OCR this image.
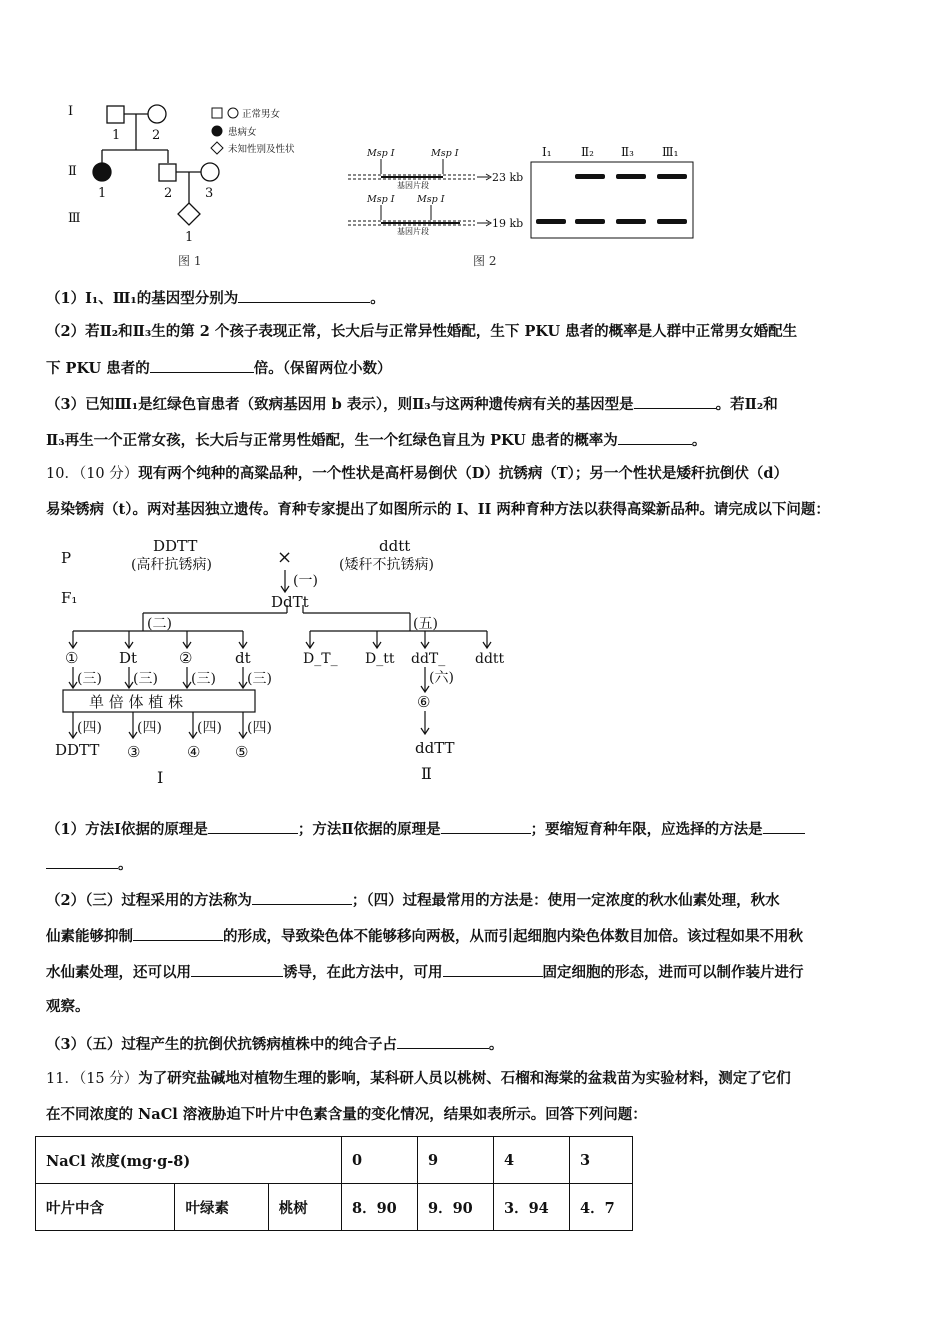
Ⅰ
Ⅱ
Ⅲ
1 2
1	2	3
1
正常男女
患病女
未知性别及性状
图 1
Msp Ⅰ	Msp Ⅰ
Msp Ⅰ Msp Ⅰ
基因片段
基因片段
23 kb
19 kb
Ⅰ₁ Ⅱ₂ Ⅱ₃ Ⅲ₁
图 2
（1）I₁、Ⅲ₁的基因型分别为	。
（2）若Ⅱ₂和Ⅱ₃生的第 2 个孩子表现正常，长大后与正常异性婚配，生下 PKU 患者的概率是人群中正常男女婚配生
下 PKU 患者的	倍。（保留两位小数）
（3）已知Ⅲ₁是红绿色盲患者（致病基因用 b 表示），则Ⅱ₃与这两种遗传病有关的基因型是	。若Ⅱ₂和
Ⅱ₃再生一个正常女孩，长大后与正常男性婚配，生一个红绿色盲且为 PKU 患者的概率为	。
10．（10 分）现有两个纯种的高粱品种，一个性状是高杆易倒伏（D）抗锈病（T）；另一个性状是矮秆抗倒伏（d）
易染锈病（t）。两对基因独立遗传。育种专家提出了如图所示的 I、II 两种育种方法以获得高粱新品种。请完成以下问题：
P
F₁
DDTT
(高秆抗锈病)	×
ddtt
(矮秆不抗锈病)
(一)
DdTt
(二)	(五)
①	Dt	②	dt	D_T_ D_tt ddT_ ddtt
(三) (三) (三) (三)	(六)
单 倍 体 植 株	⑥
(四)	(四)	(四) (四)
DDTT ③	④ ⑤	ddTT
I	Ⅱ
（1）方法Ⅰ依据的原理是	；方法Ⅱ依据的原理是	；要缩短育种年限，应选择的方法是
。
（2）（三）过程采用的方法称为	；（四）过程最常用的方法是：使用一定浓度的秋水仙素处理，秋水
仙素能够抑制	的形成，导致染色体不能够移向两极，从而引起细胞内染色体数目加倍。该过程如果不用秋
水仙素处理，还可以用	诱导，在此方法中，可用	固定细胞的形态，进而可以制作装片进行
观察。
（3）（五）过程产生的抗倒伏抗锈病植株中的纯合子占	。
11．（15 分）为了研究盐碱地对植物生理的影响，某科研人员以桃树、石榴和海棠的盆栽苗为实验材料，测定了它们
在不同浓度的 NaCl 溶液胁迫下叶片中色素含量的变化情况，结果如表所示。回答下列问题：
NaCl 浓度(mg·g-8)			0	9	4	3
叶片中含	叶绿素	桃树	8．90	9．90	3．94	4．7
